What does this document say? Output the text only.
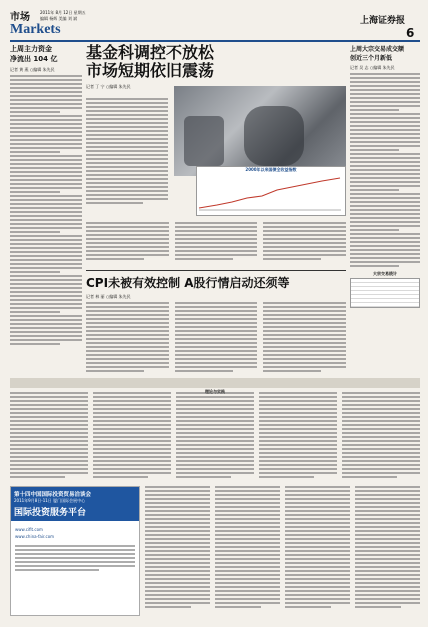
市场
Markets
2011年 8月 12日 星期五
编辑 杨辉 美编 刘 斌	上海证券报
6
上周主力资金
净流出 104 亿
记者 黄 燕 ○编辑 朱先民
基金科调控不放松
市场短期依旧震荡
记者 丁 宁 ○编辑 朱先民
2000年以来国债全收益指数
CPI未被有效控制 A股行情启动还须等
记者 林 丽 ○编辑 朱先民
上周大宗交易成交额
创近三个月新低
记者 吴 志 ○编辑 朱先民
大宗交易统计
第十四中国国际投资贸易洽谈会
2011年9月8日-11日 厦门国际会展中心
国际投资服务平台
www.cifit.com
www.china-fair.com
